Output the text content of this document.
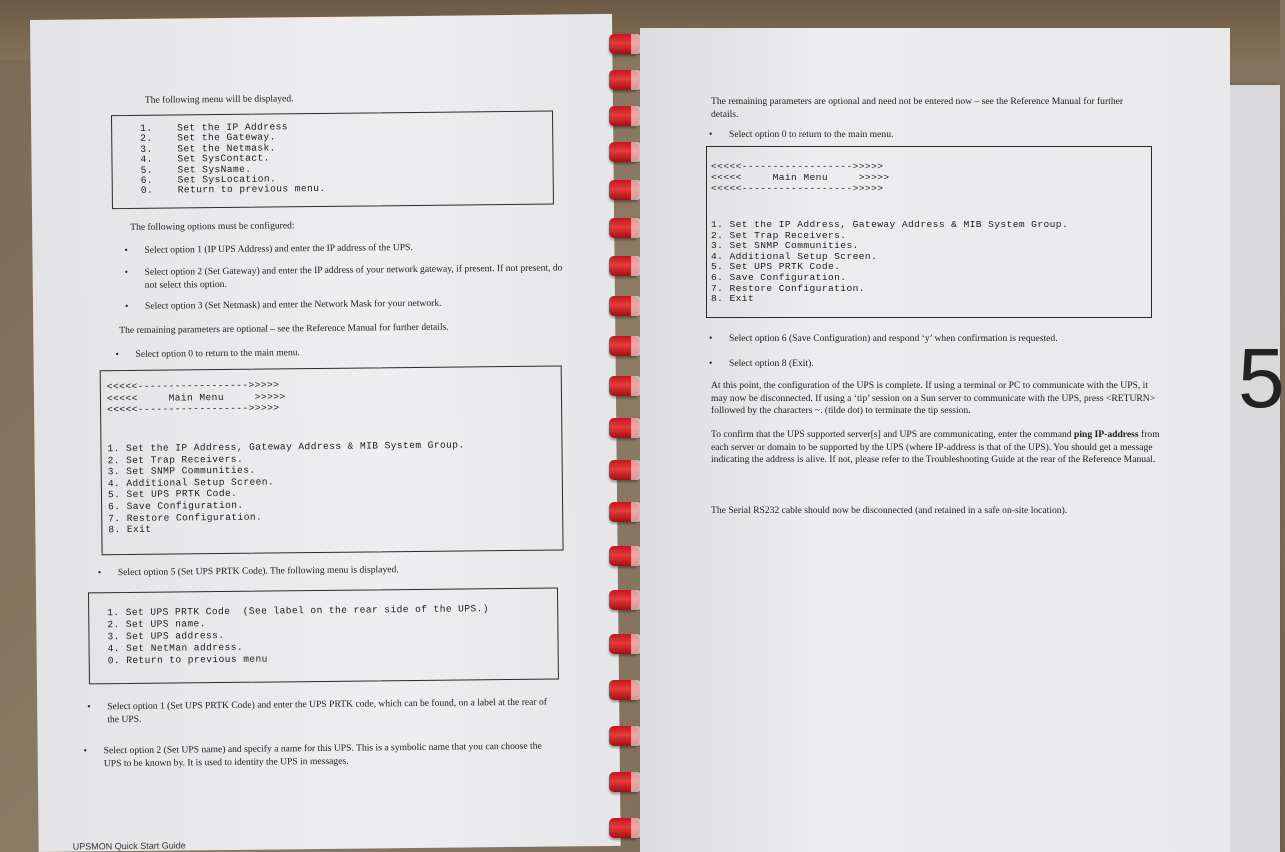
5
The following menu will be displayed.
1.    Set the IP Address
2.    Set the Gateway.
3.    Set the Netmask.
4.    Set SysContact.
5.    Set SysName.
6.    Set SysLocation.
0.    Return to previous menu.
The following options must be configured:
• Select option 1 (IP UPS Address) and enter the IP address of the UPS.
• Select option 2 (Set Gateway) and enter the IP address of your network gateway, if present. If not present, do not select this option.
• Select option 3 (Set Netmask) and enter the Network Mask for your network.
The remaining parameters are optional – see the Reference Manual for further details.
• Select option 0 to return to the main menu.
<<<<<------------------>>>>>
<<<<<     Main Menu     >>>>>
<<<<<------------------>>>>>
1. Set the IP Address, Gateway Address & MIB System Group.
2. Set Trap Receivers.
3. Set SNMP Communities.
4. Additional Setup Screen.
5. Set UPS PRTK Code.
6. Save Configuration.
7. Restore Configuration.
8. Exit
• Select option 5 (Set UPS PRTK Code). The following menu is displayed.
1. Set UPS PRTK Code  (See label on the rear side of the UPS.)
2. Set UPS name.
3. Set UPS address.
4. Set NetMan address.
0. Return to previous menu
• Select option 1 (Set UPS PRTK Code) and enter the UPS PRTK code, which can be found, on a label at the rear of the UPS.
• Select option 2 (Set UPS name) and specify a name for this UPS. This is a symbolic name that you can choose the UPS to be known by. It is used to identity the UPS in messages.
UPSMON Quick Start Guide
The remaining parameters are optional and need not be entered now – see the Reference Manual for further details.
• Select option 0 to return to the main menu.
<<<<<------------------>>>>>
<<<<<     Main Menu     >>>>>
<<<<<------------------>>>>>
1. Set the IP Address, Gateway Address & MIB System Group.
2. Set Trap Receivers.
3. Set SNMP Communities.
4. Additional Setup Screen.
5. Set UPS PRTK Code.
6. Save Configuration.
7. Restore Configuration.
8. Exit
• Select option 6 (Save Configuration) and respond ‘y’ when confirmation is requested.
• Select option 8 (Exit).
At this point, the configuration of the UPS is complete. If using a terminal or PC to communicate with the UPS, it may now be disconnected. If using a ‘tip’ session on a Sun server to communicate with the UPS, press <RETURN> followed by the characters ~. (tilde dot) to terminate the tip session.
To confirm that the UPS supported server[s] and UPS are communicating, enter the command ping IP-address from each server or domain to be supported by the UPS (where IP-address is that of the UPS). You should get a message indicating the address is alive. If not, please refer to the Troubleshooting Guide at the rear of the Reference Manual.
The Serial RS232 cable should now be disconnected (and retained in a safe on-site location).
